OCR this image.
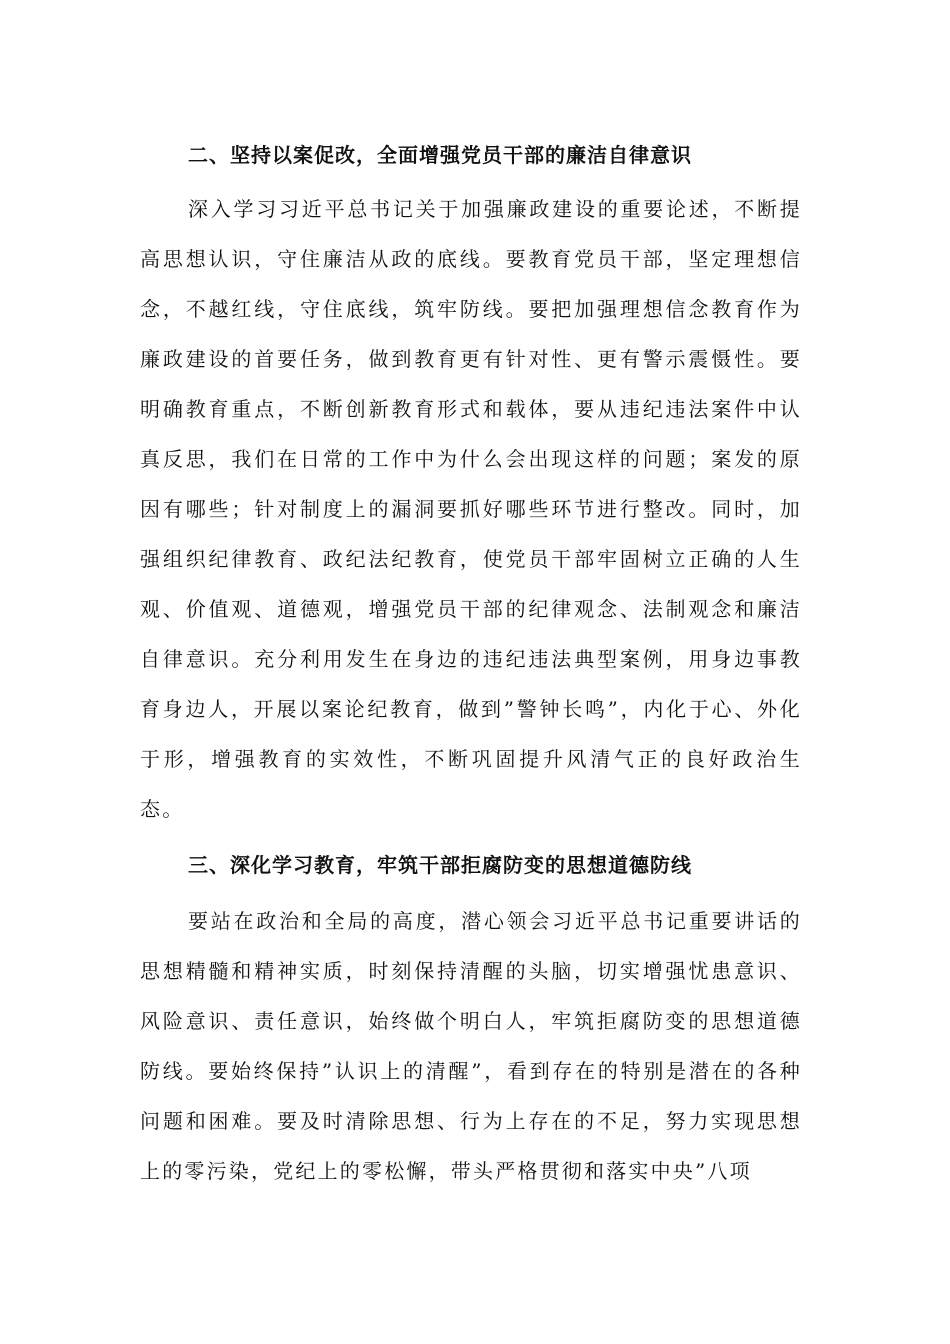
二、坚持以案促改，全面增强党员干部的廉洁自律意识

深入学习习近平总书记关于加强廉政建设的重要论述，不断提高思想认识，守住廉洁从政的底线。要教育党员干部，坚定理想信念，不越红线，守住底线，筑牢防线。要把加强理想信念教育作为廉政建设的首要任务，做到教育更有针对性、更有警示震慑性。要明确教育重点，不断创新教育形式和载体，要从违纪违法案件中认真反思，我们在日常的工作中为什么会出现这样的问题；案发的原因有哪些；针对制度上的漏洞要抓好哪些环节进行整改。同时，加强组织纪律教育、政纪法纪教育，使党员干部牢固树立正确的人生观、价值观、道德观，增强党员干部的纪律观念、法制观念和廉洁自律意识。充分利用发生在身边的违纪违法典型案例，用身边事教育身边人，开展以案论纪教育，做到”警钟长鸣”，内化于心、外化于形，增强教育的实效性，不断巩固提升风清气正的良好政治生态。

三、深化学习教育，牢筑干部拒腐防变的思想道德防线

要站在政治和全局的高度，潜心领会习近平总书记重要讲话的思想精髓和精神实质，时刻保持清醒的头脑，切实增强忧患意识、风险意识、责任意识，始终做个明白人，牢筑拒腐防变的思想道德防线。要始终保持”认识上的清醒”，看到存在的特别是潜在的各种问题和困难。要及时清除思想、行为上存在的不足，努力实现思想上的零污染，党纪上的零松懈，带头严格贯彻和落实中央”八项
